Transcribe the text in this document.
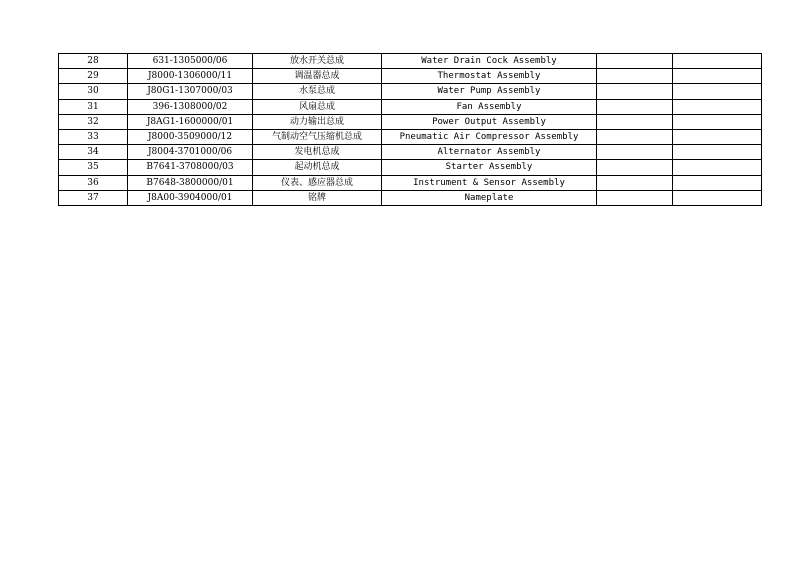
28	631-1305000/06	放水开关总成	Water Drain Cock Assembly		
29	J8000-1306000/11	调温器总成	Thermostat Assembly		
30	J80G1-1307000/03	水泵总成	Water Pump Assembly		
31	396-1308000/02	风扇总成	Fan Assembly		
32	J8AG1-1600000/01	动力输出总成	Power Output Assembly		
33	J8000-3509000/12	气制动空气压缩机总成	Pneumatic Air Compressor Assembly		
34	J8004-3701000/06	发电机总成	Alternator Assembly		
35	B7641-3708000/03	起动机总成	Starter Assembly		
36	B7648-3800000/01	仪表、感应器总成	Instrument & Sensor Assembly		
37	J8A00-3904000/01	铭牌	Nameplate		
